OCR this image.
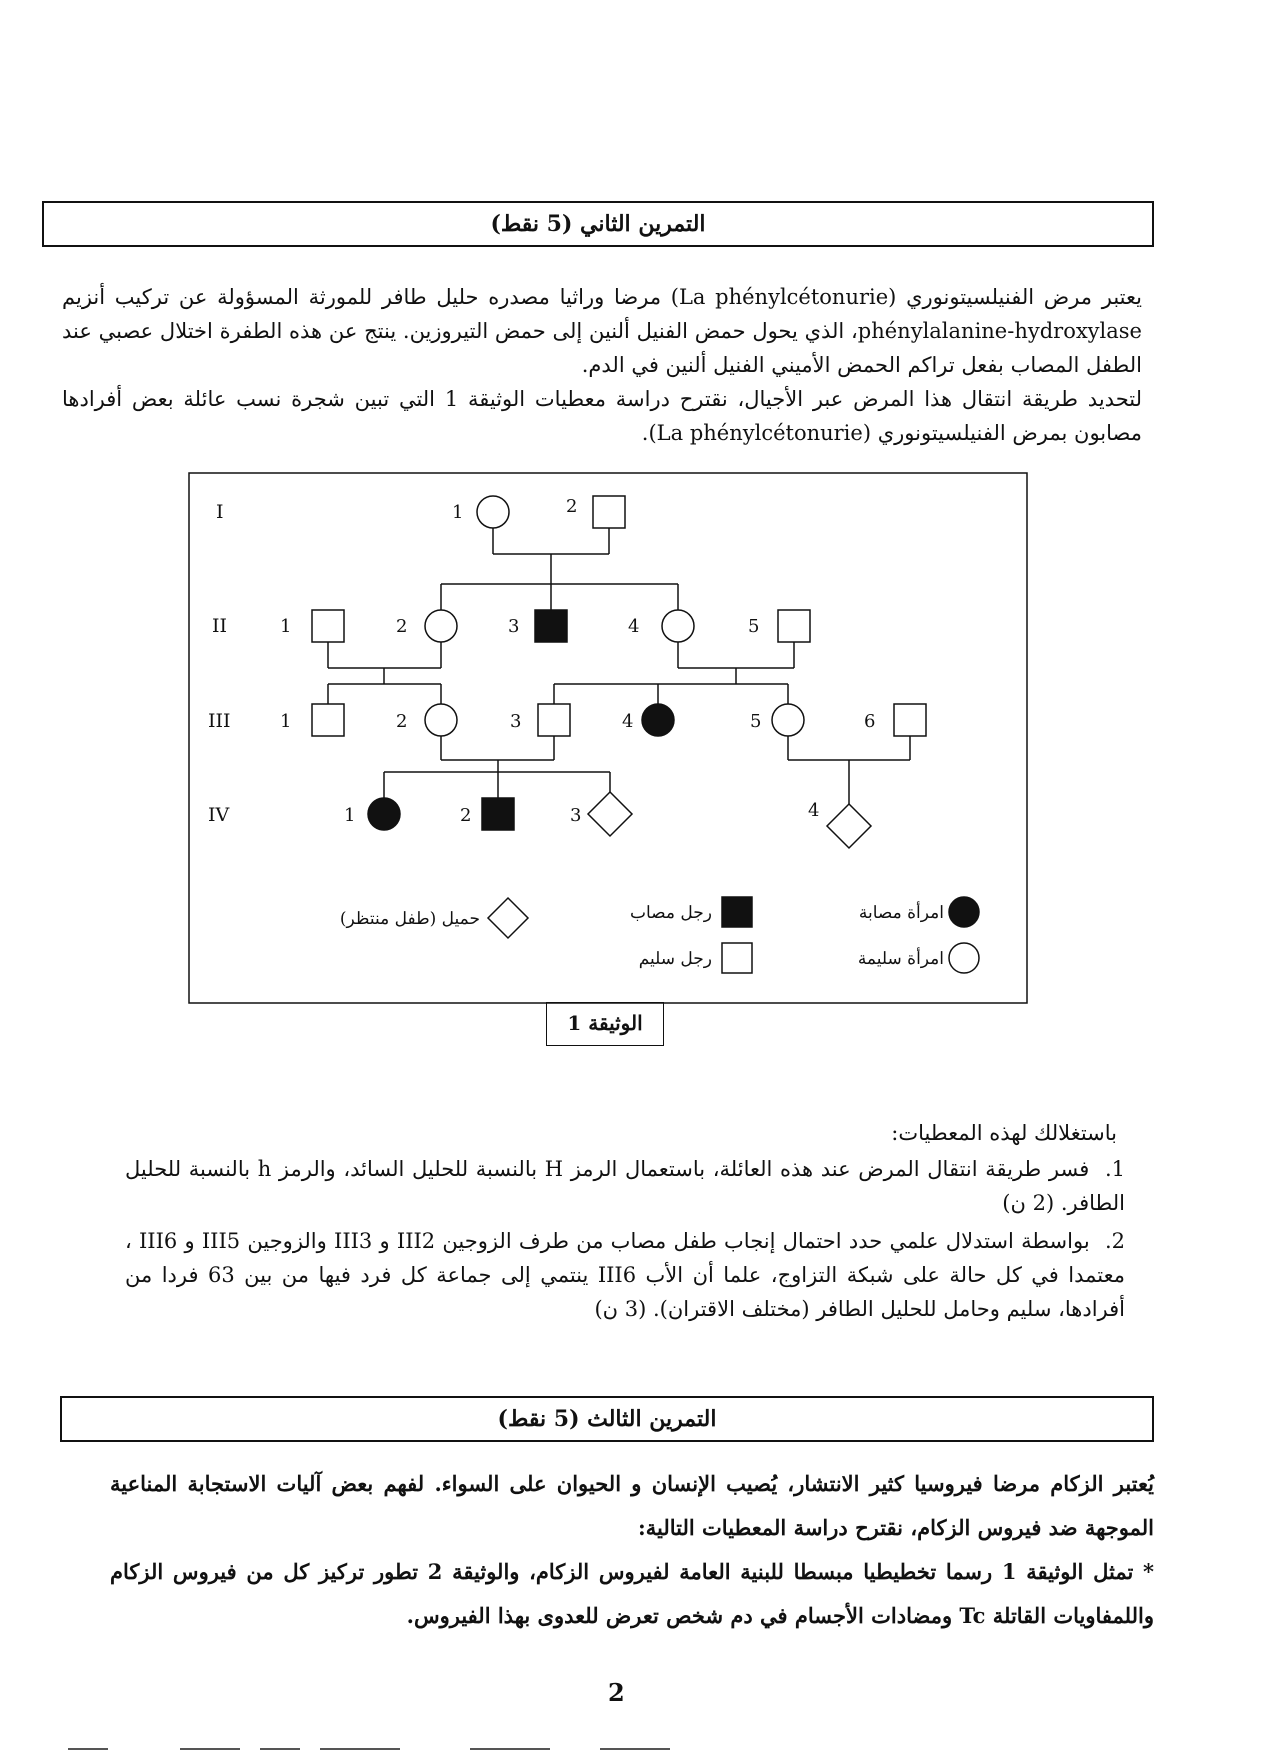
التمرين الثاني (5 نقط)

يعتبر مرض الفنيلسيتونوري (La phénylcétonurie) مرضا وراثيا مصدره حليل طافر للمورثة المسؤولة عن تركيب أنزيم phénylalanine-hydroxylase، الذي يحول حمض الفنيل ألنين إلى حمض التيروزين. ينتج عن هذه الطفرة اختلال عصبي عند الطفل المصاب بفعل تراكم الحمض الأميني الفنيل ألنين في الدم.

لتحديد طريقة انتقال هذا المرض عبر الأجيال، نقترح دراسة معطيات الوثيقة 1 التي تبين شجرة نسب عائلة بعض أفرادها مصابون بمرض الفنيلسيتونوري (La phénylcétonurie).

I
II
III
IV
1	2
1	2	3	4	5
1	2	3	4	5	6
1	2	3	4
امرأة مصابة
رجل مصاب
حميل (طفل منتظر)
امرأة سليمة
رجل سليم
الوثيقة 1
باستغلالك لهذه المعطيات:
1. فسر طريقة انتقال المرض عند هذه العائلة، باستعمال الرمز H بالنسبة للحليل السائد، والرمز h بالنسبة للحليل الطافر. (2 ن)
2. بواسطة استدلال علمي حدد احتمال إنجاب طفل مصاب من طرف الزوجين III2 و III3 والزوجين III5 و III6 ، معتمدا في كل حالة على شبكة التزاوج، علما أن الأب III6 ينتمي إلى جماعة كل فرد فيها من بين 63 فردا من أفرادها، سليم وحامل للحليل الطافر (مختلف الاقتران). (3 ن)
التمرين الثالث (5 نقط)

يُعتبر الزكام مرضا فيروسيا كثير الانتشار، يُصيب الإنسان و الحيوان على السواء. لفهم بعض آليات الاستجابة المناعية الموجهة ضد فيروس الزكام، نقترح دراسة المعطيات التالية:

* تمثل الوثيقة 1 رسما تخطيطيا مبسطا للبنية العامة لفيروس الزكام، والوثيقة 2 تطور تركيز كل من فيروس الزكام واللمفاويات القاتلة Tc ومضادات الأجسام في دم شخص تعرض للعدوى بهذا الفيروس.

2
